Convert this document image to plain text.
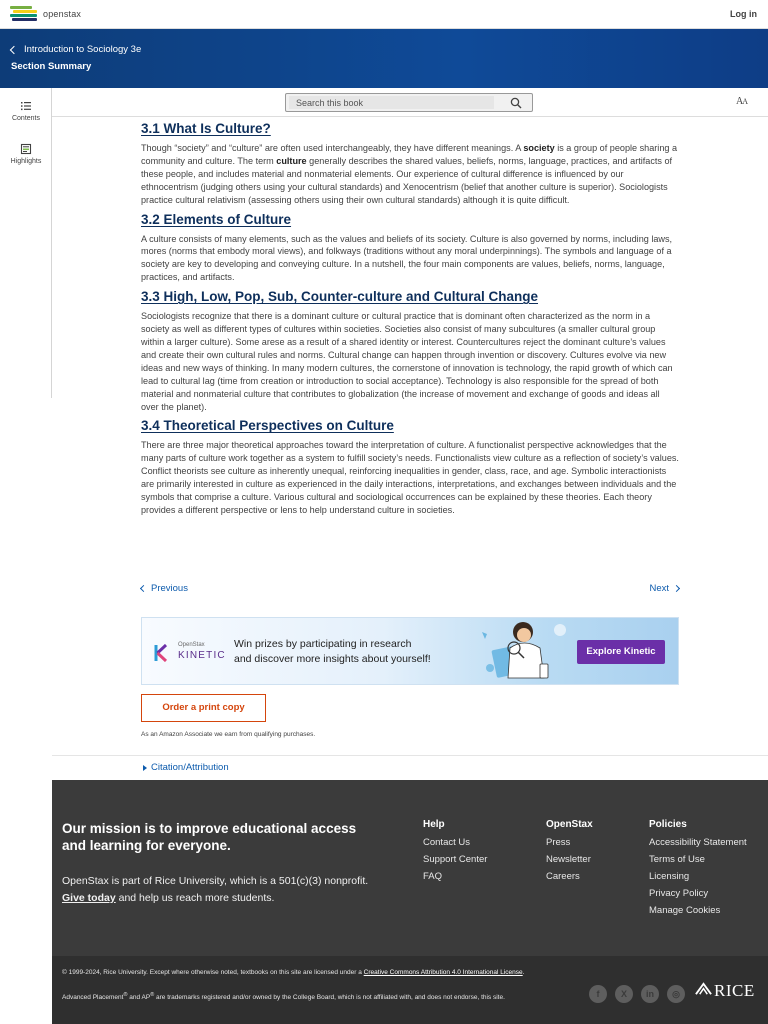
openstax	Log in
Introduction to Sociology 3e
Section Summary
Contents
Highlights
Search this book
AA
3.1 What Is Culture?

Though “society” and “culture” are often used interchangeably, they have different meanings. A society is a group of people sharing a community and culture. The term culture generally describes the shared values, beliefs, norms, language, practices, and artifacts of these people, and includes material and nonmaterial elements. Our experience of cultural difference is influenced by our ethnocentrism (judging others using your cultural standards) and Xenocentrism (belief that another culture is superior). Sociologists practice cultural relativism (assessing others using their own cultural standards) although it is quite difficult.

3.2 Elements of Culture

A culture consists of many elements, such as the values and beliefs of its society. Culture is also governed by norms, including laws, mores (norms that embody moral views), and folkways (traditions without any moral underpinnings). The symbols and language of a society are key to developing and conveying culture. In a nutshell, the four main components are values, beliefs, norms, language, practices, and artifacts.

3.3 High, Low, Pop, Sub, Counter-culture and Cultural Change

Sociologists recognize that there is a dominant culture or cultural practice that is dominant often characterized as the norm in a society as well as different types of cultures within societies. Societies also consist of many subcultures (a smaller cultural group within a larger culture). Some arese as a result of a shared identity or interest. Countercultures reject the dominant culture’s values and create their own cultural rules and norms. Cultural change can happen through invention or discovery. Cultures evolve via new ideas and new ways of thinking. In many modern cultures, the cornerstone of innovation is technology, the rapid growth of which can lead to cultural lag (time from creation or introduction to social acceptance). Technology is also responsible for the spread of both material and nonmaterial culture that contributes to globalization (the increase of movement and exchange of goods and ideas all over the planet).

3.4 Theoretical Perspectives on Culture

There are three major theoretical approaches toward the interpretation of culture. A functionalist perspective acknowledges that the many parts of culture work together as a system to fulfill society’s needs. Functionalists view culture as a reflection of society’s values. Conflict theorists see culture as inherently unequal, reinforcing inequalities in gender, class, race, and age. Symbolic interactionists are primarily interested in culture as experienced in the daily interactions, interpretations, and exchanges between individuals and the symbols that comprise a culture. Various cultural and sociological occurrences can be explained by these theories. Each theory provides a different perspective or lens to help understand culture in societies.

Previous	Next
OpenStax
KINETIC
Win prizes by participating in research
and discover more insights about yourself!
Explore Kinetic
Order a print copy
As an Amazon Associate we earn from qualifying purchases.
Citation/Attribution
Our mission is to improve educational access and learning for everyone.
OpenStax is part of Rice University, which is a 501(c)(3) nonprofit. Give today and help us reach more students.
Help
Contact Us
Support Center
FAQ
OpenStax
Press
Newsletter
Careers
Policies
Accessibility Statement
Terms of Use
Licensing
Privacy Policy
Manage Cookies
© 1999-2024, Rice University. Except where otherwise noted, textbooks on this site are licensed under a Creative Commons Attribution 4.0 International License.
Advanced Placement® and AP® are trademarks registered and/or owned by the College Board, which is not affiliated with, and does not endorse, this site.	f	X	in	◎ RICE
